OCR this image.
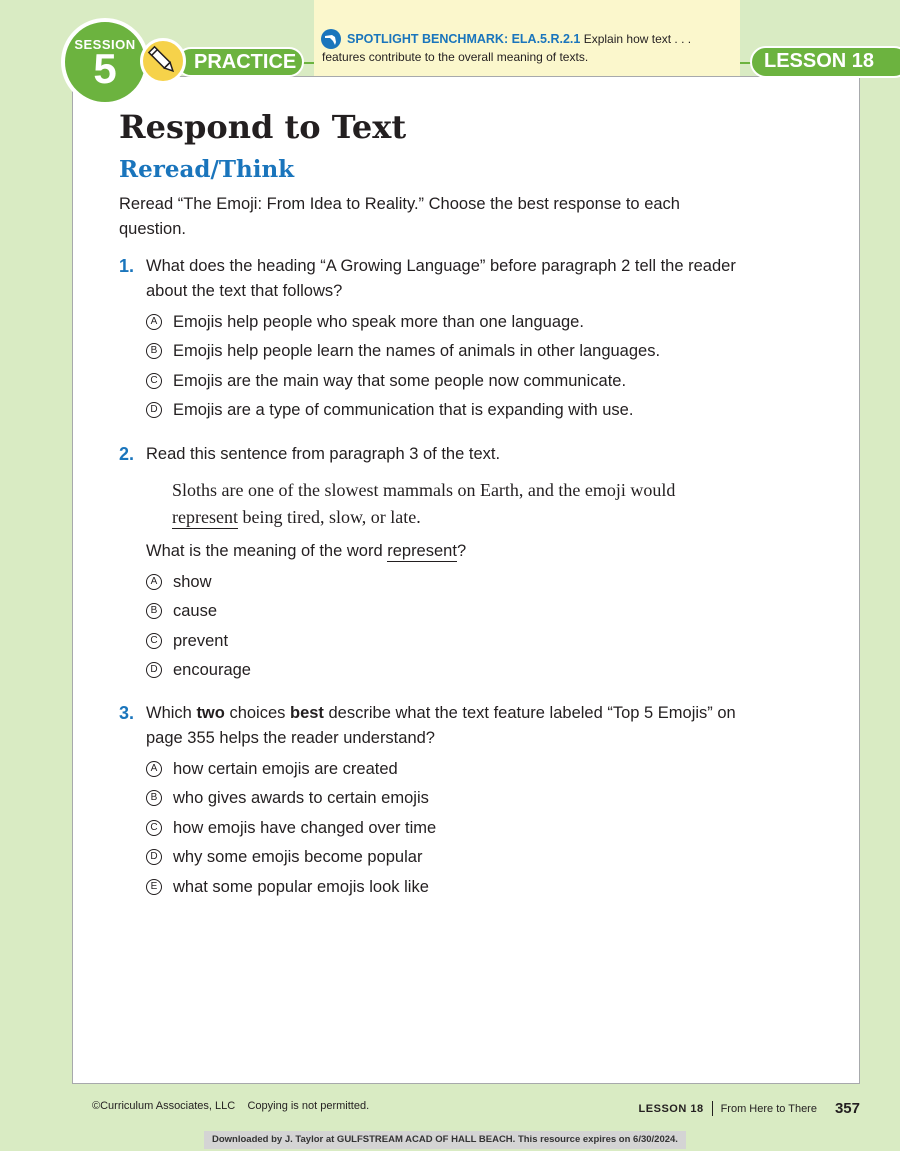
SESSION
5	PRACTICE
SPOTLIGHT BENCHMARK: ELA.5.R.2.1 Explain how text . . .
features contribute to the overall meaning of texts.	LESSON 18
Respond to Text
Reread/Think

Reread “The Emoji: From Idea to Reality.” Choose the best response to each question.

1. What does the heading “A Growing Language” before paragraph 2 tell the reader about the text that follows?
A Emojis help people who speak more than one language.
B Emojis help people learn the names of animals in other languages.
C Emojis are the main way that some people now communicate.
D Emojis are a type of communication that is expanding with use.
2. Read this sentence from paragraph 3 of the text.
Sloths are one of the slowest mammals on Earth, and the emoji would
represent being tired, slow, or late.
What is the meaning of the word represent?
A show
B cause
C prevent
D encourage
3. Which two choices best describe what the text feature labeled “Top 5 Emojis” on page 355 helps the reader understand?
A how certain emojis are created
B who gives awards to certain emojis
C how emojis have changed over time
D why some emojis become popular
E what some popular emojis look like
©Curriculum Associates, LLC Copying is not permitted.	LESSON 18 From Here to There 357
Downloaded by J. Taylor at GULFSTREAM ACAD OF HALL BEACH. This resource expires on 6/30/2024.
